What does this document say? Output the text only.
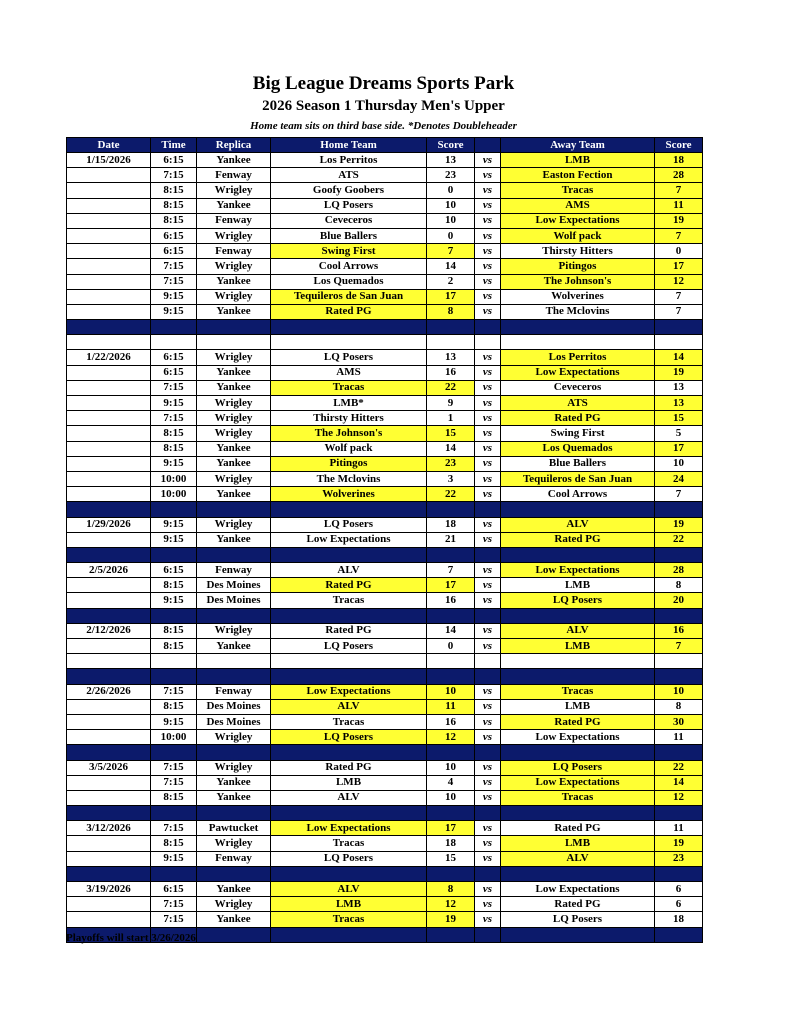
Big League Dreams Sports Park
2026 Season 1 Thursday Men's Upper
Home team sits on third base side. *Denotes Doubleheader
Date	Time	Replica	Home Team	Score		Away Team	Score
1/15/2026	6:15	Yankee	Los Perritos	13	vs	LMB	18
	7:15	Fenway	ATS	23	vs	Easton Fection	28
	8:15	Wrigley	Goofy Goobers	0	vs	Tracas	7
	8:15	Yankee	LQ Posers	10	vs	AMS	11
	8:15	Fenway	Ceveceros	10	vs	Low Expectations	19
	6:15	Wrigley	Blue Ballers	0	vs	Wolf pack	7
	6:15	Fenway	Swing First	7	vs	Thirsty Hitters	0
	7:15	Wrigley	Cool Arrows	14	vs	Pitingos	17
	7:15	Yankee	Los Quemados	2	vs	The Johnson's	12
	9:15	Wrigley	Tequileros de San Juan	17	vs	Wolverines	7
	9:15	Yankee	Rated PG	8	vs	The Mclovins	7

1/22/2026	6:15	Wrigley	LQ Posers	13	vs	Los Perritos	14
	6:15	Yankee	AMS	16	vs	Low Expectations	19
	7:15	Yankee	Tracas	22	vs	Ceveceros	13
	9:15	Wrigley	LMB*	9	vs	ATS	13
	7:15	Wrigley	Thirsty Hitters	1	vs	Rated PG	15
	8:15	Wrigley	The Johnson's	15	vs	Swing First	5
	8:15	Yankee	Wolf pack	14	vs	Los Quemados	17
	9:15	Yankee	Pitingos	23	vs	Blue Ballers	10
	10:00	Wrigley	The Mclovins	3	vs	Tequileros de San Juan	24
	10:00	Yankee	Wolverines	22	vs	Cool Arrows	7

1/29/2026	9:15	Wrigley	LQ Posers	18	vs	ALV	19
	9:15	Yankee	Low Expectations	21	vs	Rated PG	22

2/5/2026	6:15	Fenway	ALV	7	vs	Low Expectations	28
	8:15	Des Moines	Rated PG	17	vs	LMB	8
	9:15	Des Moines	Tracas	16	vs	LQ Posers	20

2/12/2026	8:15	Wrigley	Rated PG	14	vs	ALV	16
	8:15	Yankee	LQ Posers	0	vs	LMB	7

2/26/2026	7:15	Fenway	Low Expectations	10	vs	Tracas	10
	8:15	Des Moines	ALV	11	vs	LMB	8
	9:15	Des Moines	Tracas	16	vs	Rated PG	30
	10:00	Wrigley	LQ Posers	12	vs	Low Expectations	11

3/5/2026	7:15	Wrigley	Rated PG	10	vs	LQ Posers	22
	7:15	Yankee	LMB	4	vs	Low Expectations	14
	8:15	Yankee	ALV	10	vs	Tracas	12

3/12/2026	7:15	Pawtucket	Low Expectations	17	vs	Rated PG	11
	8:15	Wrigley	Tracas	18	vs	LMB	19
	9:15	Fenway	LQ Posers	15	vs	ALV	23

3/19/2026	6:15	Yankee	ALV	8	vs	Low Expectations	6
	7:15	Wrigley	LMB	12	vs	Rated PG	6
	7:15	Yankee	Tracas	19	vs	LQ Posers	18

Playoffs will start 3/26/2026
